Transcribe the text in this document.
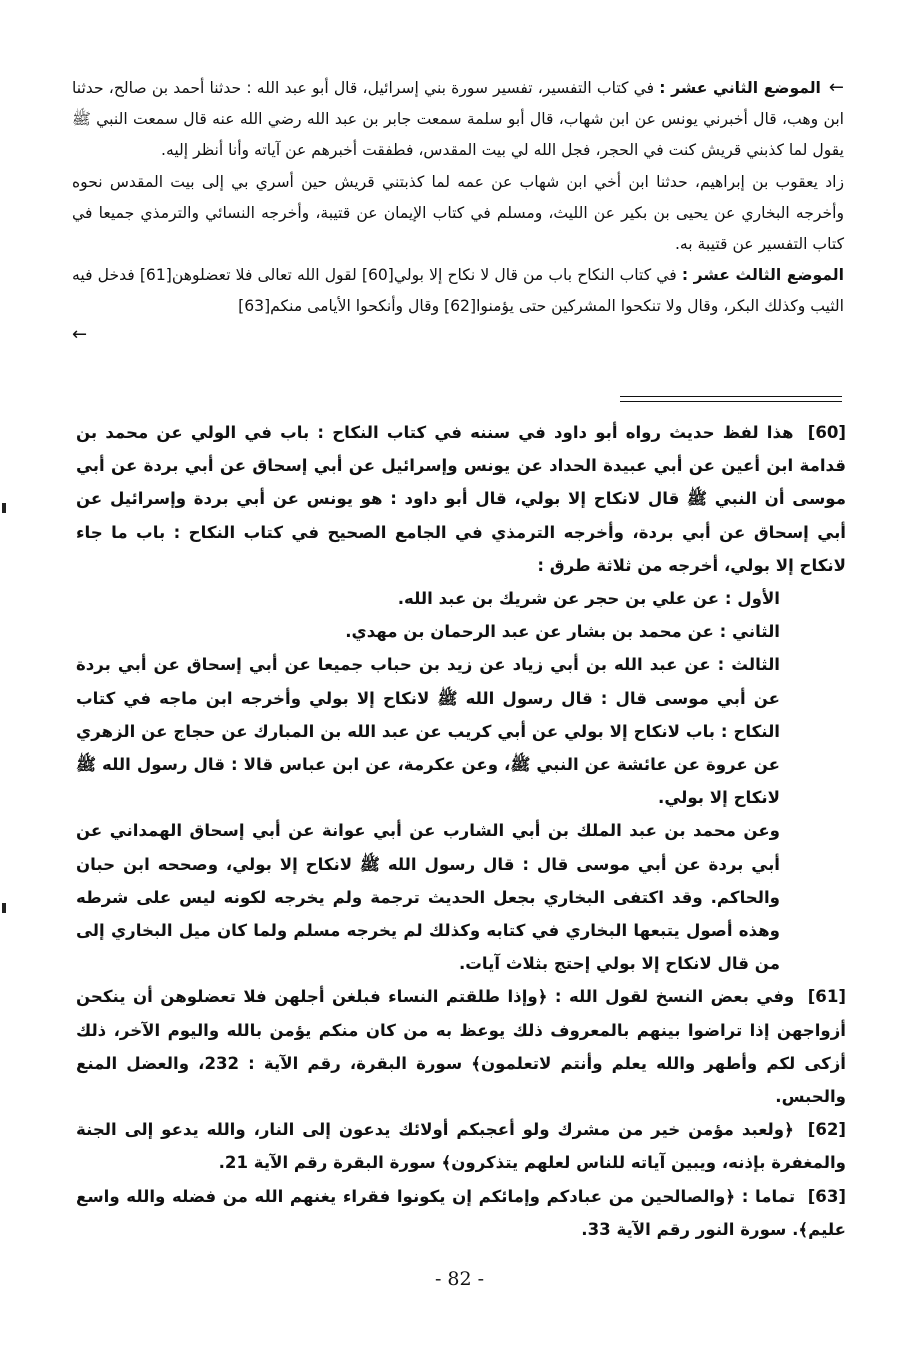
←الموضع الثاني عشر : في كتاب التفسير، تفسير سورة بني إسرائيل، قال أبو عبد الله : حدثنا أحمد بن صالح، حدثنا ابن وهب، قال أخبرني يونس عن ابن شهاب، قال أبو سلمة سمعت جابر بن عبد الله رضي الله عنه قال سمعت النبي ﷺ يقول لما كذبني قريش كنت في الحجر، فجل الله لي بيت المقدس، فطفقت أخبرهم عن آياته وأنا أنظر إليه.

زاد يعقوب بن إبراهيم، حدثنا ابن أخي ابن شهاب عن عمه لما كذبتني قريش حين أسري بي إلى بيت المقدس نحوه وأخرجه البخاري عن يحيى بن بكير عن الليث، ومسلم في كتاب الإيمان عن قتيبة، وأخرجه النسائي والترمذي جميعا في كتاب التفسير عن قتيبة به.

الموضع الثالث عشر : في كتاب النكاح باب من قال لا نكاح إلا بولي[60] لقول الله تعالى فلا تعضلوهن[61] فدخل فيه الثيب وكذلك البكر، وقال ولا تنكحوا المشركين حتى يؤمنوا[62] وقال وأنكحوا الأيامى منكم[63]

←

[60] هذا لفظ حديث رواه أبو داود في سننه في كتاب النكاح : باب في الولي عن محمد بن قدامة ابن أعين عن أبي عبيدة الحداد عن يونس وإسرائيل عن أبي إسحاق عن أبي بردة عن أبي موسى أن النبي ﷺ قال لانكاح إلا بولي، قال أبو داود : هو يونس عن أبي بردة وإسرائيل عن أبي إسحاق عن أبي بردة، وأخرجه الترمذي في الجامع الصحيح في كتاب النكاح : باب ما جاء لانكاح إلا بولي، أخرجه من ثلاثة طرق :

الأول : عن علي بن حجر عن شريك بن عبد الله.

الثاني : عن محمد بن بشار عن عبد الرحمان بن مهدي.

الثالث : عن عبد الله بن أبي زياد عن زيد بن حباب جميعا عن أبي إسحاق عن أبي بردة عن أبي موسى قال : قال رسول الله ﷺ لانكاح إلا بولي وأخرجه ابن ماجه في كتاب النكاح : باب لانكاح إلا بولي عن أبي كريب عن عبد الله بن المبارك عن حجاج عن الزهري عن عروة عن عائشة عن النبي ﷺ، وعن عكرمة، عن ابن عباس قالا : قال رسول الله ﷺ لانكاح إلا بولي.

وعن محمد بن عبد الملك بن أبي الشارب عن أبي عوانة عن أبي إسحاق الهمداني عن أبي بردة عن أبي موسى قال : قال رسول الله ﷺ لانكاح إلا بولي، وصححه ابن حبان والحاكم. وقد اكتفى البخاري بجعل الحديث ترجمة ولم يخرجه لكونه ليس على شرطه وهذه أصول يتبعها البخاري في كتابه وكذلك لم يخرجه مسلم ولما كان ميل البخاري إلى من قال لانكاح إلا بولي إحتج بثلاث آيات.

[61] وفي بعض النسخ لقول الله : ﴿وإذا طلقتم النساء فبلغن أجلهن فلا تعضلوهن أن ينكحن أزواجهن إذا تراضوا بينهم بالمعروف ذلك يوعظ به من كان منكم يؤمن بالله واليوم الآخر، ذلك أزكى لكم وأطهر والله يعلم وأنتم لاتعلمون﴾ سورة البقرة، رقم الآية : 232، والعضل المنع والحبس.

[62] ﴿ولعبد مؤمن خير من مشرك ولو أعجبكم أولائك يدعون إلى النار، والله يدعو إلى الجنة والمغفرة بإذنه، ويبين آياته للناس لعلهم يتذكرون﴾ سورة البقرة رقم الآية 21.

[63] تماما : ﴿والصالحين من عبادكم وإمائكم إن يكونوا فقراء يغنهم الله من فضله والله واسع عليم﴾. سورة النور رقم الآية 33.

- 82 -
